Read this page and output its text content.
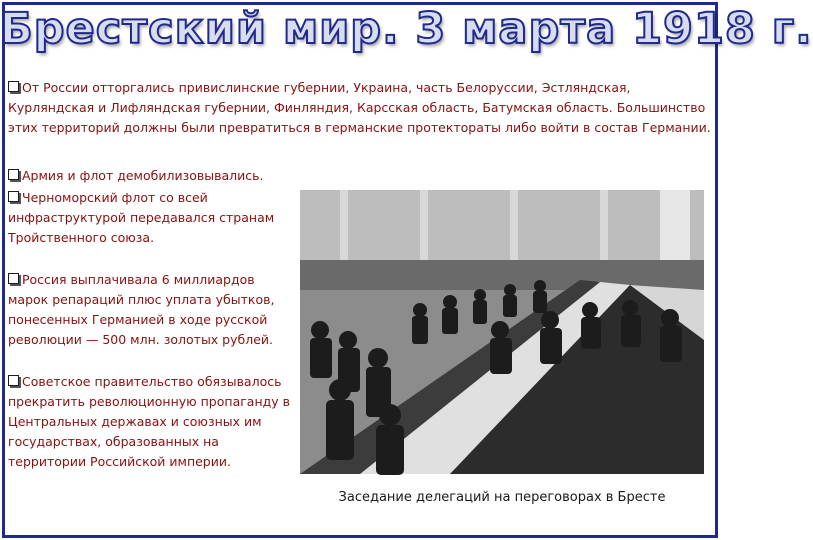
Брестский мир. 3 марта 1918 г.

От России отторгались привислинские губернии, Украина, часть Белоруссии, Эстляндская, Курляндская и Лифляндская губернии, Финляндия, Карсская область, Батумская область. Большинство этих территорий должны были превратиться в германские протектораты либо войти в состав Германии.

Армия и флот демобилизовывались.

Черноморский флот со всей инфраструктурой передавался странам Тройственного союза.

Россия выплачивала 6 миллиардов марок репараций плюс уплата убытков, понесенных Германией в ходе русской революции — 500 млн. золотых рублей.

Советское правительство обязывалось прекратить революционную пропаганду в Центральных державах и союзных им государствах, образованных на территории Российской империи.

Заседание делегаций на переговорах в Бресте
